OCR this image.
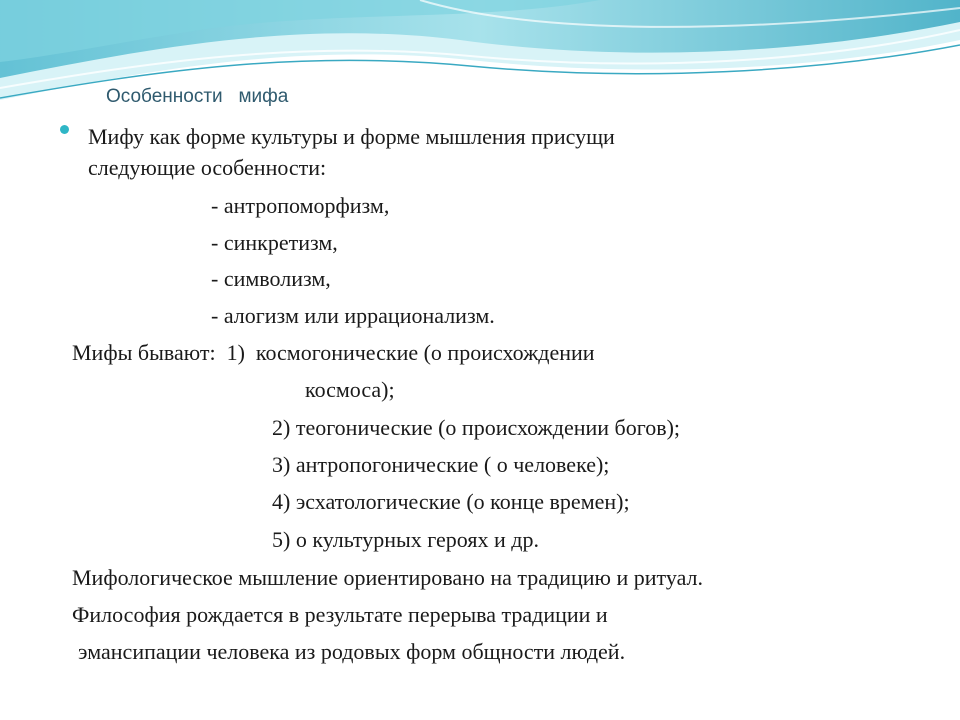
Особенности   мифа
Мифу как форме культуры и форме мышления присущи
следующие особенности:
- антропоморфизм,
- синкретизм,
- символизм,
- алогизм или иррационализм.
Мифы бывают:  1)  космогонические (о происхождении
космоса);
2) теогонические (о происхождении богов);
3) антропогонические ( о человеке);
4) эсхатологические (о конце времен);
5) о культурных героях и др.
Мифологическое мышление ориентировано на традицию и ритуал.
Философия рождается в результате перерыва традиции и
эмансипации человека из родовых форм общности людей.
